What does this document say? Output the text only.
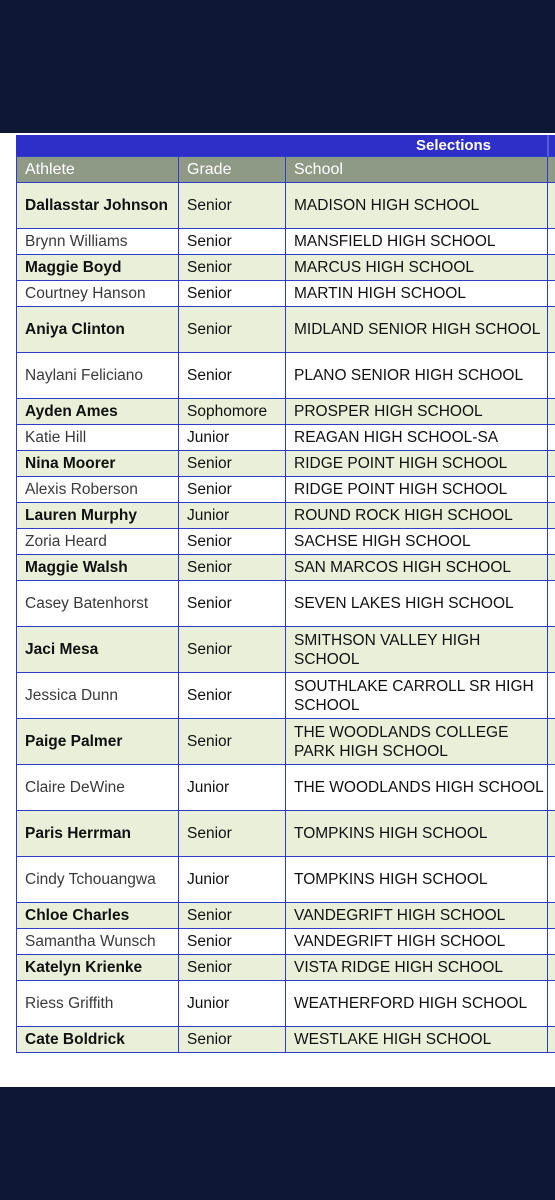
Selections
Athlete	Grade	School	
Dallasstar Johnson	Senior	MADISON HIGH SCHOOL	
Brynn Williams	Senior	MANSFIELD HIGH SCHOOL	
Maggie Boyd	Senior	MARCUS HIGH SCHOOL	
Courtney Hanson	Senior	MARTIN HIGH SCHOOL	
Aniya Clinton	Senior	MIDLAND SENIOR HIGH SCHOOL	
Naylani Feliciano	Senior	PLANO SENIOR HIGH SCHOOL	
Ayden Ames	Sophomore	PROSPER HIGH SCHOOL	
Katie Hill	Junior	REAGAN HIGH SCHOOL-SA	
Nina Moorer	Senior	RIDGE POINT HIGH SCHOOL	
Alexis Roberson	Senior	RIDGE POINT HIGH SCHOOL	
Lauren Murphy	Junior	ROUND ROCK HIGH SCHOOL	
Zoria Heard	Senior	SACHSE HIGH SCHOOL	
Maggie Walsh	Senior	SAN MARCOS HIGH SCHOOL	
Casey Batenhorst	Senior	SEVEN LAKES HIGH SCHOOL	
Jaci Mesa	Senior	SMITHSON VALLEY HIGH SCHOOL	
Jessica Dunn	Senior	SOUTHLAKE CARROLL SR HIGH SCHOOL	
Paige Palmer	Senior	THE WOODLANDS COLLEGE PARK HIGH SCHOOL	
Claire DeWine	Junior	THE WOODLANDS HIGH SCHOOL	
Paris Herrman	Senior	TOMPKINS HIGH SCHOOL	
Cindy Tchouangwa	Junior	TOMPKINS HIGH SCHOOL	
Chloe Charles	Senior	VANDEGRIFT HIGH SCHOOL	
Samantha Wunsch	Senior	VANDEGRIFT HIGH SCHOOL	
Katelyn Krienke	Senior	VISTA RIDGE HIGH SCHOOL	
Riess Griffith	Junior	WEATHERFORD HIGH SCHOOL	
Cate Boldrick	Senior	WESTLAKE HIGH SCHOOL	
